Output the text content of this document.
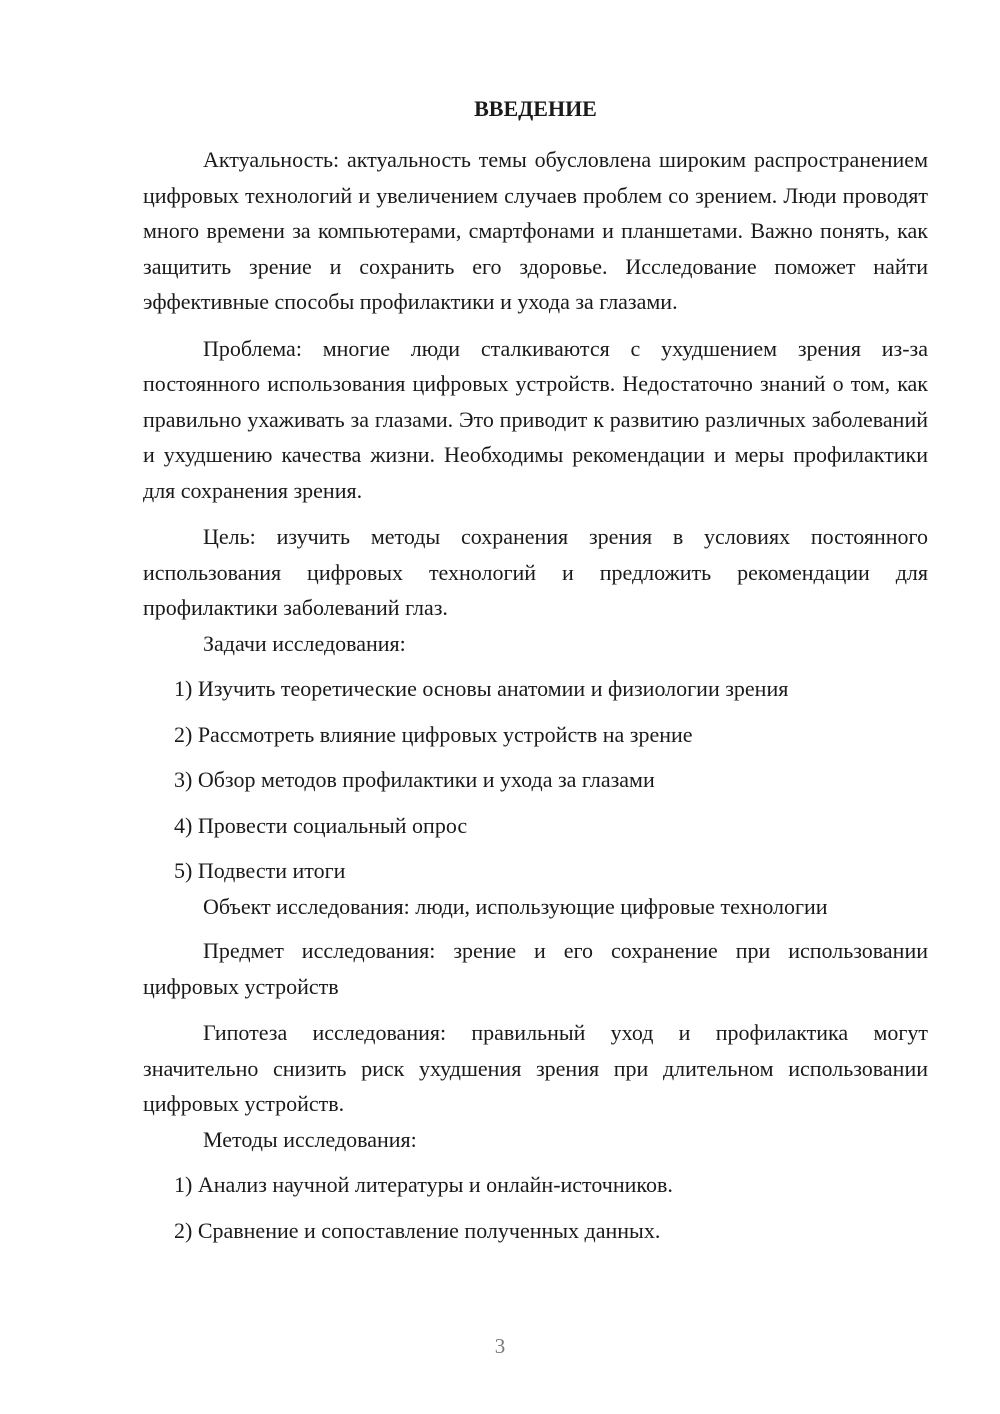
ВВЕДЕНИЕ

Актуальность: актуальность темы обусловлена широким распространением цифровых технологий и увеличением случаев проблем со зрением. Люди проводят много времени за компьютерами, смартфонами и планшетами. Важно понять, как защитить зрение и сохранить его здоровье. Исследование поможет найти эффективные способы профилактики и ухода за глазами.

Проблема: многие люди сталкиваются с ухудшением зрения из-за постоянного использования цифровых устройств. Недостаточно знаний о том, как правильно ухаживать за глазами. Это приводит к развитию различных заболеваний и ухудшению качества жизни. Необходимы рекомендации и меры профилактики для сохранения зрения.

Цель: изучить методы сохранения зрения в условиях постоянного использования цифровых технологий и предложить рекомендации для профилактики заболеваний глаз.

Задачи исследования:

1) Изучить теоретические основы анатомии и физиологии зрения

2) Рассмотреть влияние цифровых устройств на зрение

3) Обзор методов профилактики и ухода за глазами

4) Провести социальный опрос

5) Подвести итоги

Объект исследования: люди, использующие цифровые технологии

Предмет исследования: зрение и его сохранение при использовании цифровых устройств

Гипотеза исследования: правильный уход и профилактика могут значительно снизить риск ухудшения зрения при длительном использовании цифровых устройств.

Методы исследования:

1) Анализ научной литературы и онлайн-источников.

2) Сравнение и сопоставление полученных данных.

3
